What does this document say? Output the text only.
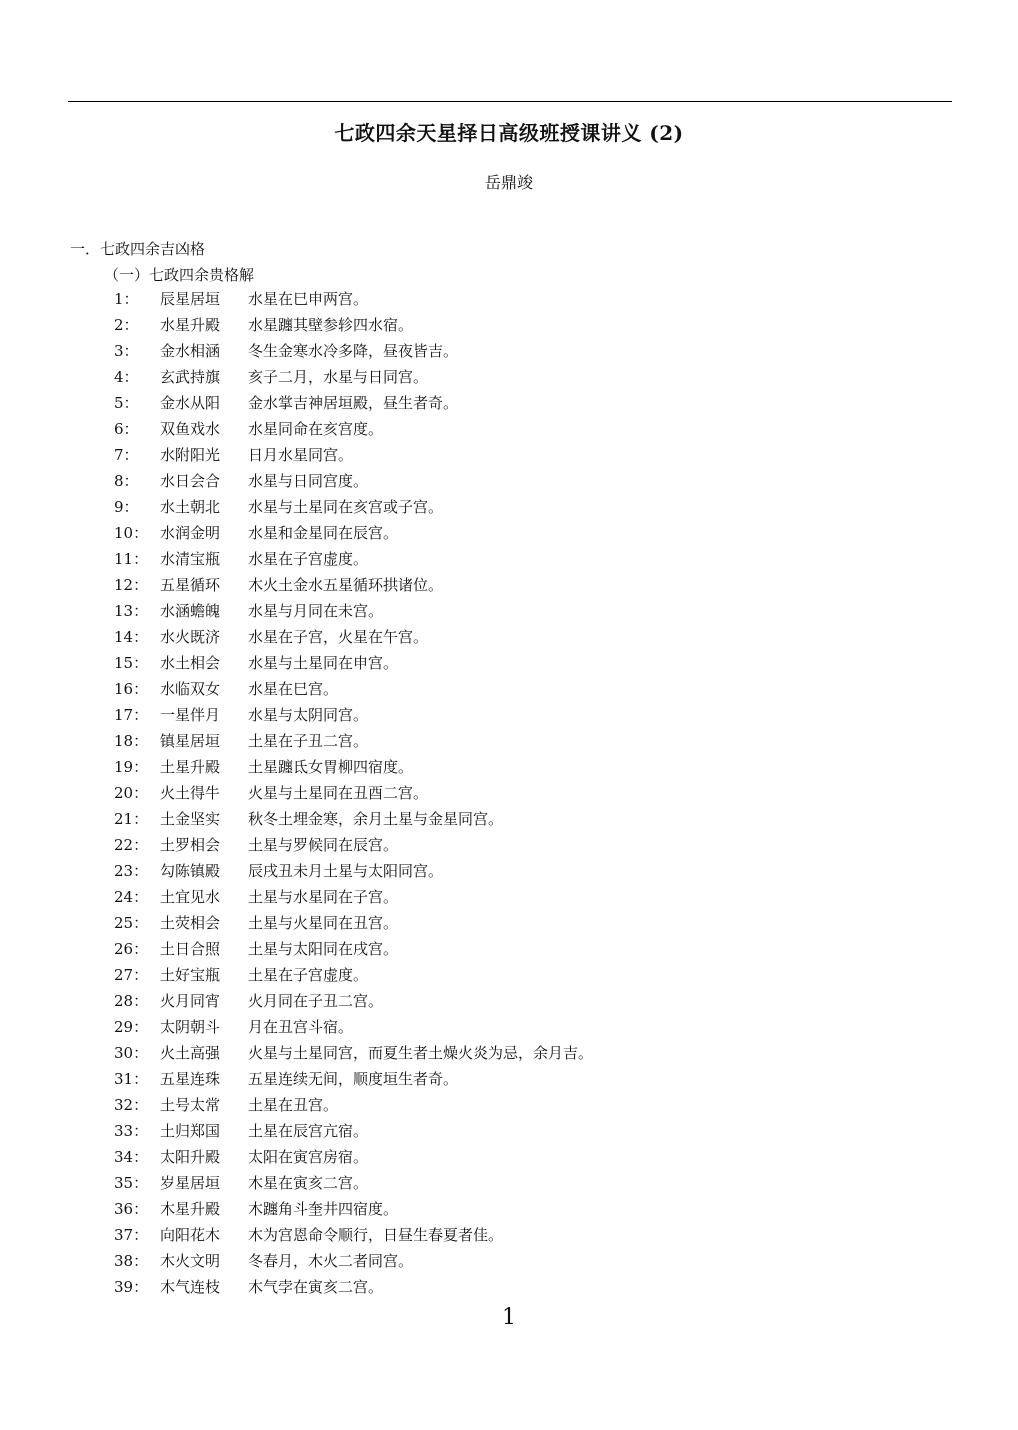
七政四余天星择日高级班授课讲义 (2)
岳鼎竣
一．七政四余吉凶格
（一）七政四余贵格解
1： 辰星居垣 水星在巳申两宫。
2： 水星升殿 水星躔其壁参轸四水宿。
3： 金水相涵 冬生金寒水冷多降，昼夜皆吉。
4： 玄武持旗 亥子二月，水星与日同宫。
5： 金水从阳 金水掌吉神居垣殿，昼生者奇。
6： 双鱼戏水 水星同命在亥宫度。
7： 水附阳光 日月水星同宫。
8： 水日会合 水星与日同宫度。
9： 水土朝北 水星与土星同在亥宫或子宫。
10： 水润金明 水星和金星同在辰宫。
11： 水清宝瓶 水星在子宫虚度。
12： 五星循环 木火土金水五星循环拱诸位。
13： 水涵蟾魄 水星与月同在未宫。
14： 水火既济 水星在子宫，火星在午宫。
15： 水土相会 水星与土星同在申宫。
16： 水临双女 水星在巳宫。
17： 一星伴月 水星与太阴同宫。
18： 镇星居垣 土星在子丑二宫。
19： 土星升殿 土星躔氐女胃柳四宿度。
20： 火土得牛 火星与土星同在丑酉二宫。
21： 土金坚实 秋冬土埋金寒，余月土星与金星同宫。
22： 土罗相会 土星与罗候同在辰宫。
23： 勾陈镇殿 辰戌丑未月土星与太阳同宫。
24： 土宜见水 土星与水星同在子宫。
25： 土荧相会 土星与火星同在丑宫。
26： 土日合照 土星与太阳同在戌宫。
27： 土好宝瓶 土星在子宫虚度。
28： 火月同宵 火月同在子丑二宫。
29： 太阴朝斗 月在丑宫斗宿。
30： 火土高强 火星与土星同宫，而夏生者土燥火炎为忌，余月吉。
31： 五星连珠 五星连续无间，顺度垣生者奇。
32： 土号太常 土星在丑宫。
33： 土归郑国 土星在辰宫亢宿。
34： 太阳升殿 太阳在寅宫房宿。
35： 岁星居垣 木星在寅亥二宫。
36： 木星升殿 木躔角斗奎井四宿度。
37： 向阳花木 木为宫恩命令顺行，日昼生春夏者佳。
38： 木火文明 冬春月，木火二者同宫。
39： 木气连枝 木气孛在寅亥二宫。
1
